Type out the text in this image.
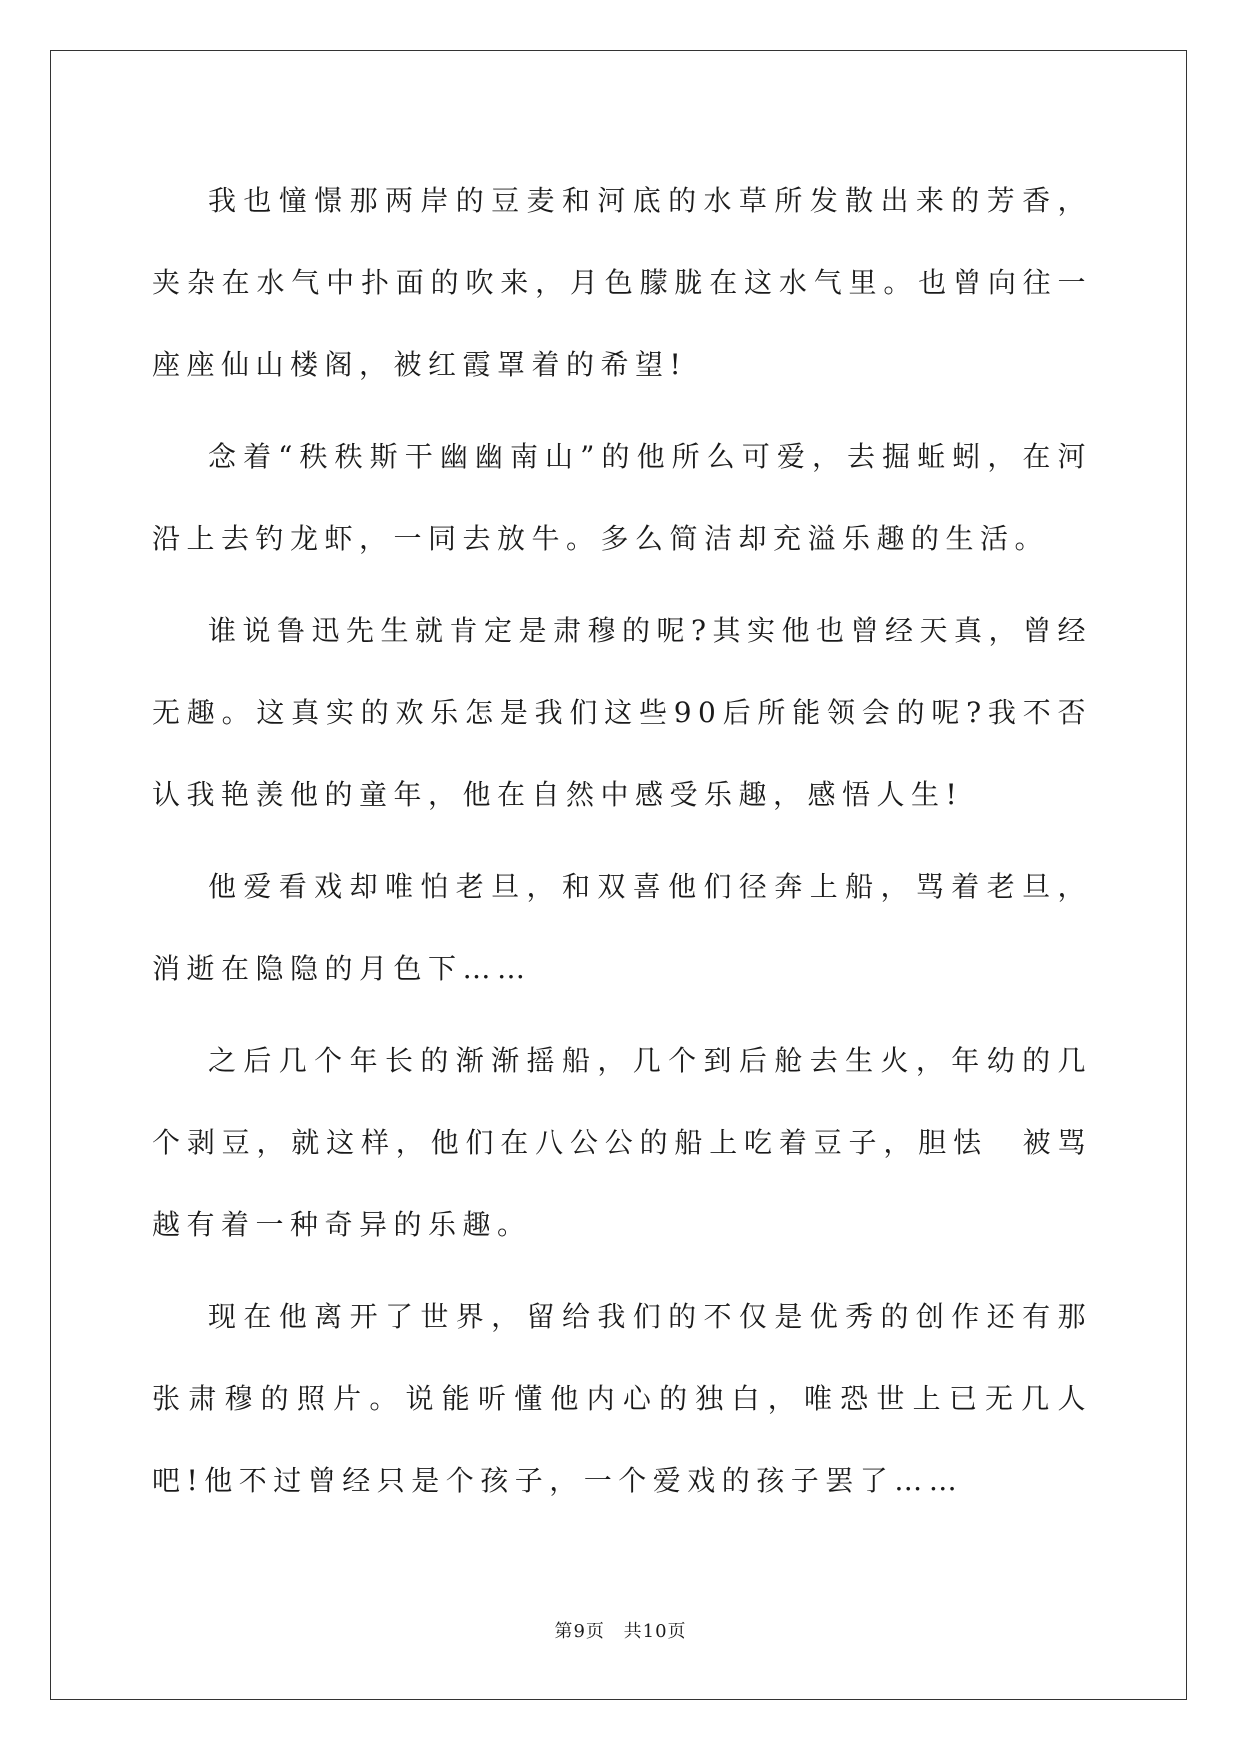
我也憧憬那两岸的豆麦和河底的水草所发散出来的芳香，夹杂在水气中扑面的吹来，月色朦胧在这水气里。也曾向往一座座仙山楼阁，被红霞罩着的希望!

念着“秩秩斯干幽幽南山”的他所么可爱，去掘蚯蚓，在河沿上去钓龙虾，一同去放牛。多么简洁却充溢乐趣的生活。

谁说鲁迅先生就肯定是肃穆的呢?其实他也曾经天真，曾经无趣。这真实的欢乐怎是我们这些90后所能领会的呢?我不否认我艳羡他的童年，他在自然中感受乐趣，感悟人生!

他爱看戏却唯怕老旦，和双喜他们径奔上船，骂着老旦，消逝在隐隐的月色下……

之后几个年长的渐渐摇船，几个到后舱去生火，年幼的几个剥豆，就这样，他们在八公公的船上吃着豆子，胆怯　被骂越有着一种奇异的乐趣。

现在他离开了世界，留给我们的不仅是优秀的创作还有那张肃穆的照片。说能听懂他内心的独白，唯恐世上已无几人吧!他不过曾经只是个孩子，一个爱戏的孩子罢了……

第9页 共10页
